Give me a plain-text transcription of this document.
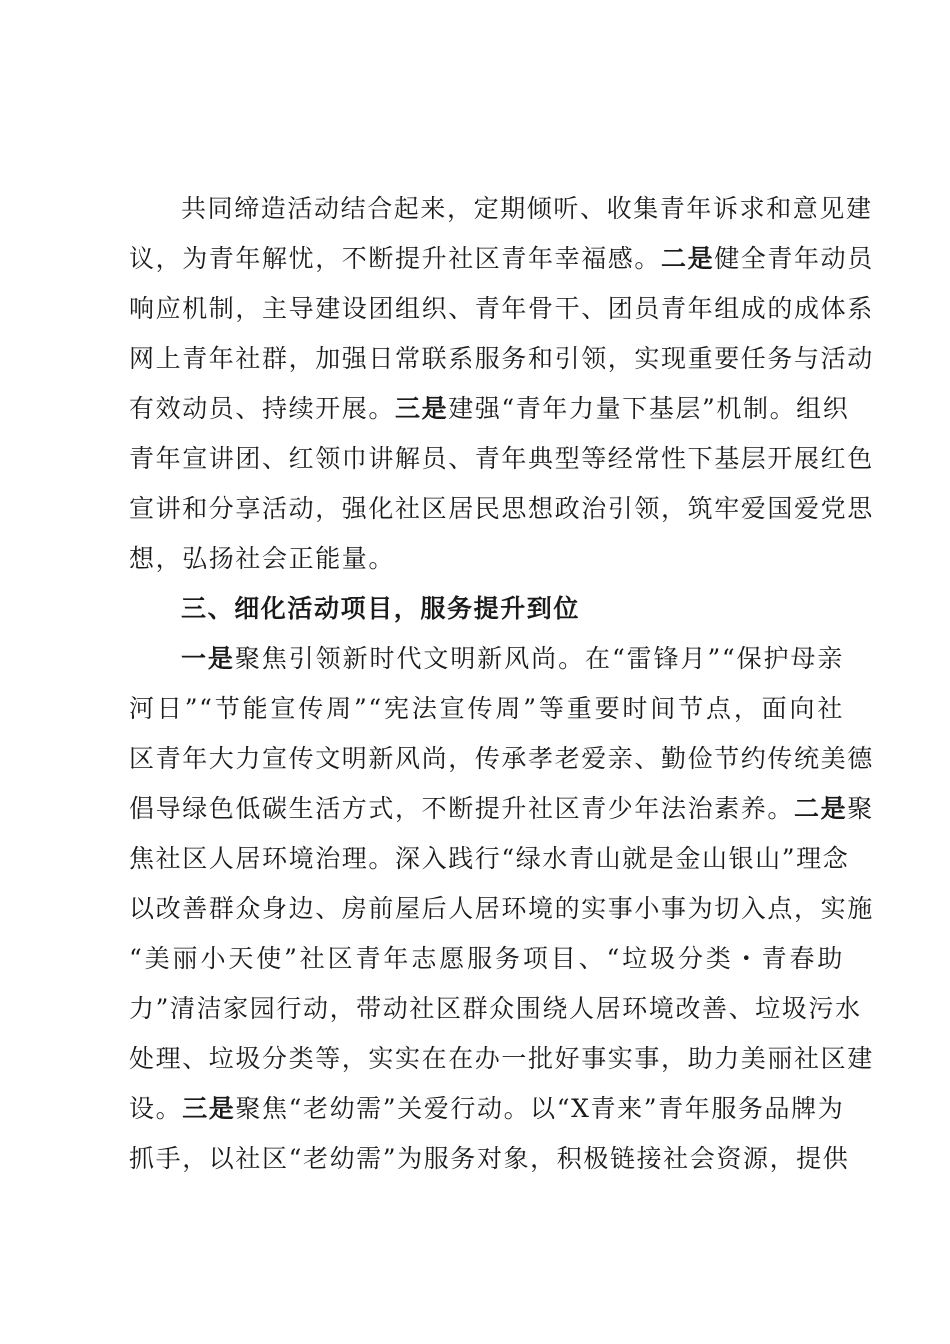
共同缔造活动结合起来，定期倾听、收集青年诉求和意见建
议，为青年解忧，不断提升社区青年幸福感。二是健全青年动员
响应机制，主导建设团组织、青年骨干、团员青年组成的成体系
网上青年社群，加强日常联系服务和引领，实现重要任务与活动
有效动员、持续开展。三是建强“青年力量下基层”机制。组织
青年宣讲团、红领巾讲解员、青年典型等经常性下基层开展红色
宣讲和分享活动，强化社区居民思想政治引领，筑牢爱国爱党思
想，弘扬社会正能量。
三、细化活动项目，服务提升到位
一是聚焦引领新时代文明新风尚。在“雷锋月”“保护母亲
河日”“节能宣传周”“宪法宣传周”等重要时间节点，面向社
区青年大力宣传文明新风尚，传承孝老爱亲、勤俭节约传统美德
倡导绿色低碳生活方式，不断提升社区青少年法治素养。二是聚
焦社区人居环境治理。深入践行“绿水青山就是金山银山”理念
以改善群众身边、房前屋后人居环境的实事小事为切入点，实施
“美丽小天使”社区青年志愿服务项目、“垃圾分类・青春助
力”清洁家园行动，带动社区群众围绕人居环境改善、垃圾污水
处理、垃圾分类等，实实在在办一批好事实事，助力美丽社区建
设。三是聚焦“老幼需”关爱行动。以“X青来”青年服务品牌为
抓手，以社区“老幼需”为服务对象，积极链接社会资源，提供
